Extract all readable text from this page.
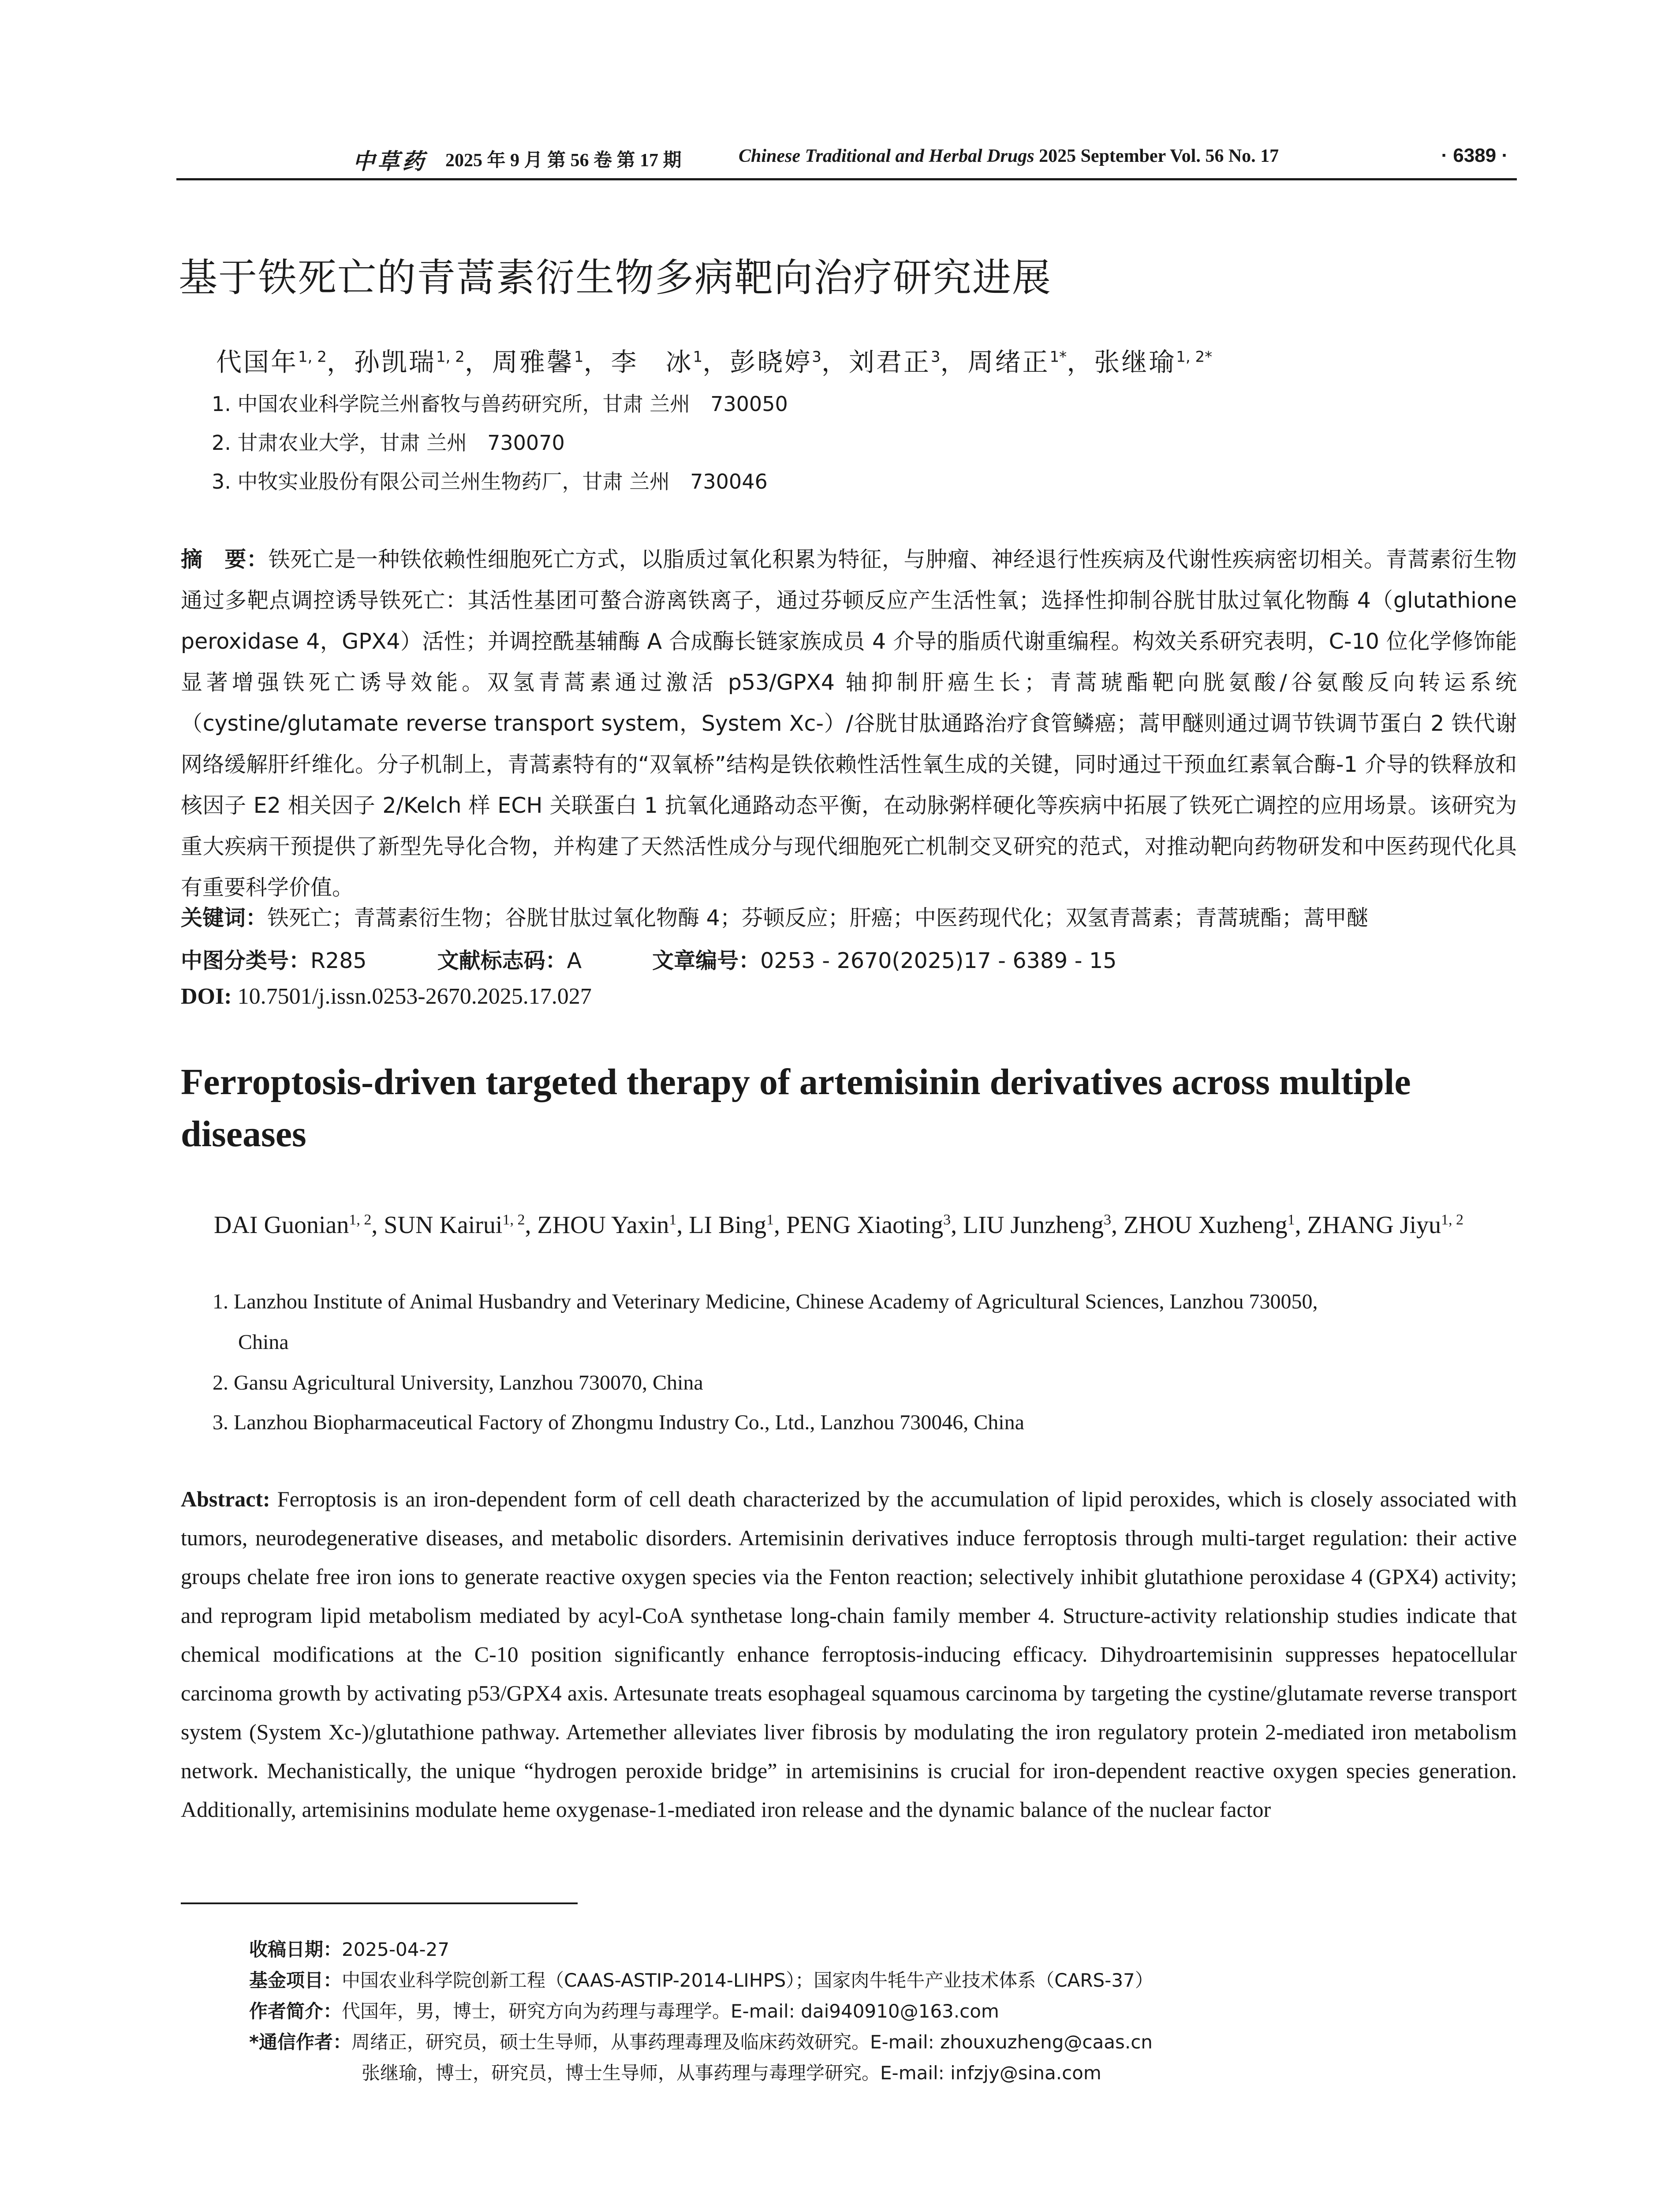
中草药 2025 年 9 月 第 56 卷 第 17 期	Chinese Traditional and Herbal Drugs 2025 September Vol. 56 No. 17	· 6389 ·
基于铁死亡的青蒿素衍生物多病靶向治疗研究进展
代国年$^{1, 2}$，孙凯瑞$^{1, 2}$，周雅馨$^1$，李　冰$^1$，彭晓婷$^3$，刘君正$^3$，周绪正$^{1*}$，张继瑜$^{1, 2*}$
1. 中国农业科学院兰州畜牧与兽药研究所，甘肃 兰州　730050
2. 甘肃农业大学，甘肃 兰州　730070
3. 中牧实业股份有限公司兰州生物药厂，甘肃 兰州　730046
摘　要：铁死亡是一种铁依赖性细胞死亡方式，以脂质过氧化积累为特征，与肿瘤、神经退行性疾病及代谢性疾病密切相关。青蒿素衍生物通过多靶点调控诱导铁死亡：其活性基团可螯合游离铁离子，通过芬顿反应产生活性氧；选择性抑制谷胱甘肽过氧化物酶 4（glutathione peroxidase 4，GPX4）活性；并调控酰基辅酶 A 合成酶长链家族成员 4 介导的脂质代谢重编程。构效关系研究表明，C-10 位化学修饰能显著增强铁死亡诱导效能。双氢青蒿素通过激活 p53/GPX4 轴抑制肝癌生长；青蒿琥酯靶向胱氨酸/谷氨酸反向转运系统（cystine/glutamate reverse transport system，System Xc-）/谷胱甘肽通路治疗食管鳞癌；蒿甲醚则通过调节铁调节蛋白 2 铁代谢网络缓解肝纤维化。分子机制上，青蒿素特有的“双氧桥”结构是铁依赖性活性氧生成的关键，同时通过干预血红素氧合酶-1 介导的铁释放和核因子 E2 相关因子 2/Kelch 样 ECH 关联蛋白 1 抗氧化通路动态平衡，在动脉粥样硬化等疾病中拓展了铁死亡调控的应用场景。该研究为重大疾病干预提供了新型先导化合物，并构建了天然活性成分与现代细胞死亡机制交叉研究的范式，对推动靶向药物研发和中医药现代化具有重要科学价值。
关键词：铁死亡；青蒿素衍生物；谷胱甘肽过氧化物酶 4；芬顿反应；肝癌；中医药现代化；双氢青蒿素；青蒿琥酯；蒿甲醚
中图分类号：R285	文献标志码：A	文章编号：0253 - 2670(2025)17 - 6389 - 15
DOI: 10.7501/j.issn.0253-2670.2025.17.027
Ferroptosis-driven targeted therapy of artemisinin derivatives across multiple diseases
DAI Guonian$^{1, 2}$, SUN Kairui$^{1, 2}$, ZHOU Yaxin$^1$, LI Bing$^1$, PENG Xiaoting$^3$, LIU Junzheng$^3$, ZHOU Xuzheng$^1$, ZHANG Jiyu$^{1, 2}$
1. Lanzhou Institute of Animal Husbandry and Veterinary Medicine, Chinese Academy of Agricultural Sciences, Lanzhou 730050,
China
2. Gansu Agricultural University, Lanzhou 730070, China
3. Lanzhou Biopharmaceutical Factory of Zhongmu Industry Co., Ltd., Lanzhou 730046, China
Abstract: Ferroptosis is an iron-dependent form of cell death characterized by the accumulation of lipid peroxides, which is closely associated with tumors, neurodegenerative diseases, and metabolic disorders. Artemisinin derivatives induce ferroptosis through multi-target regulation: their active groups chelate free iron ions to generate reactive oxygen species via the Fenton reaction; selectively inhibit glutathione peroxidase 4 (GPX4) activity; and reprogram lipid metabolism mediated by acyl-CoA synthetase long-chain family member 4. Structure-activity relationship studies indicate that chemical modifications at the C-10 position significantly enhance ferroptosis-inducing efficacy. Dihydroartemisinin suppresses hepatocellular carcinoma growth by activating p53/GPX4 axis. Artesunate treats esophageal squamous carcinoma by targeting the cystine/glutamate reverse transport system (System Xc-)/glutathione pathway. Artemether alleviates liver fibrosis by modulating the iron regulatory protein 2-mediated iron metabolism network. Mechanistically, the unique “hydrogen peroxide bridge” in artemisinins is crucial for iron-dependent reactive oxygen species generation. Additionally, artemisinins modulate heme oxygenase-1-mediated iron release and the dynamic balance of the nuclear factor
收稿日期：2025-04-27
基金项目：中国农业科学院创新工程（CAAS-ASTIP-2014-LIHPS）；国家肉牛牦牛产业技术体系（CARS-37）
作者简介：代国年，男，博士，研究方向为药理与毒理学。E-mail: dai940910@163.com
*通信作者：周绪正，研究员，硕士生导师，从事药理毒理及临床药效研究。E-mail: zhouxuzheng@caas.cn
张继瑜，博士，研究员，博士生导师，从事药理与毒理学研究。E-mail: infzjy@sina.com
